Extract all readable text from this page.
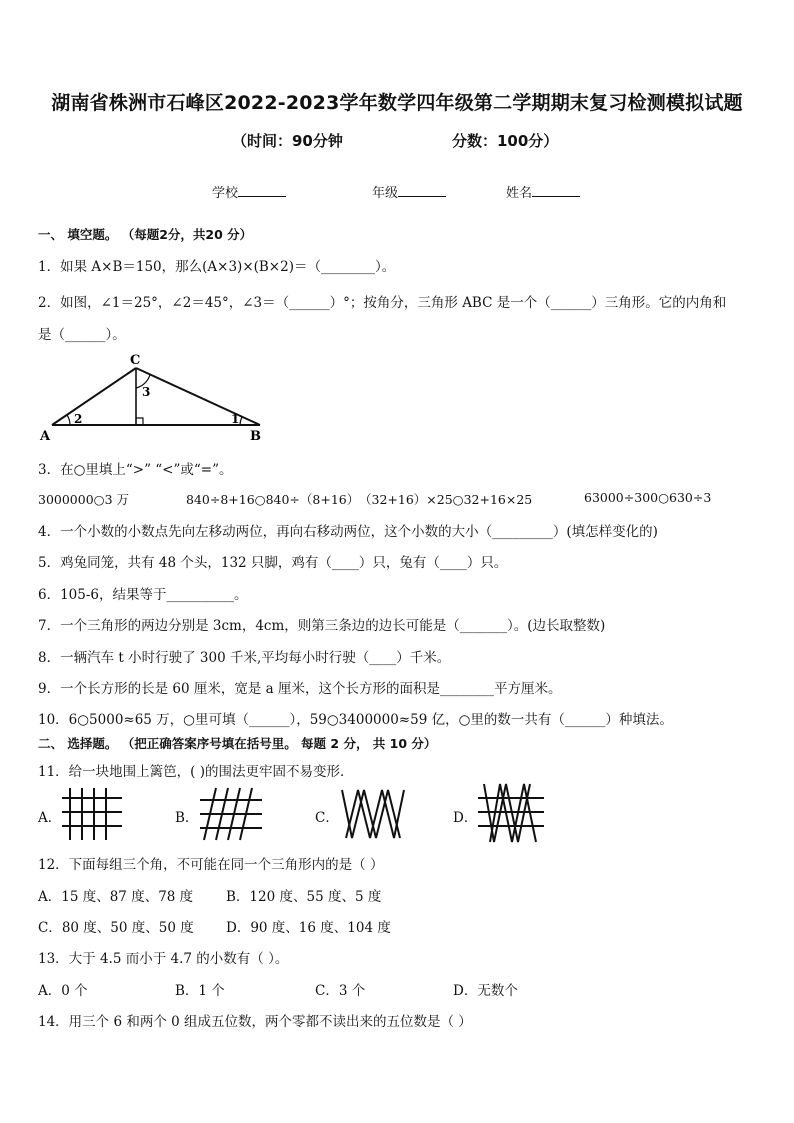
湖南省株洲市石峰区2022-2023学年数学四年级第二学期期末复习检测模拟试题
（时间：90分钟	分数：100分）
学校	年级	姓名
一、 填空题。 （每题2分，共20 分）
1．如果 A×B＝150，那么(A×3)×(B×2)＝（________）。
2．如图，∠1＝25°，∠2＝45°，∠3＝（______）°；按角分，三角形 ABC 是一个（______）三角形。它的内角和
是（______）。
C
A	B
2	1
3
3．在○里填上“>” “<”或“=”。
3000000○3 万	840÷8+16○840÷（8+16） （32+16）×25○32+16×25	63000÷300○630÷3
4．一个小数的小数点先向左移动两位，再向右移动两位，这个小数的大小（_________）(填怎样变化的)
5．鸡兔同笼，共有 48 个头，132 只脚，鸡有（____）只，兔有（____）只。
6．105-6，结果等于__________。
7．一个三角形的两边分别是 3cm，4cm，则第三条边的边长可能是（_______）。(边长取整数)
8．一辆汽车 t 小时行驶了 300 千米,平均每小时行驶（____）千米。
9．一个长方形的长是 60 厘米，宽是 a 厘米，这个长方形的面积是________平方厘米。
10．6○5000≈65 万，○里可填（______），59○3400000≈59 亿，○里的数一共有（______）种填法。
二、 选择题。 （把正确答案序号填在括号里。 每题 2 分， 共 10 分）
11．给一块地围上篱笆，( )的围法更牢固不易变形．
A．	B．	C．	D．
12．下面每组三个角，不可能在同一个三角形内的是（ ）
A．15 度、87 度、78 度 B．120 度、55 度、5 度
C．80 度、50 度、50 度 D．90 度、16 度、104 度
13．大于 4.5 而小于 4.7 的小数有（ ）。
A．0 个	B．1 个	C．3 个	D．无数个
14．用三个 6 和两个 0 组成五位数，两个零都不读出来的五位数是（ ）
